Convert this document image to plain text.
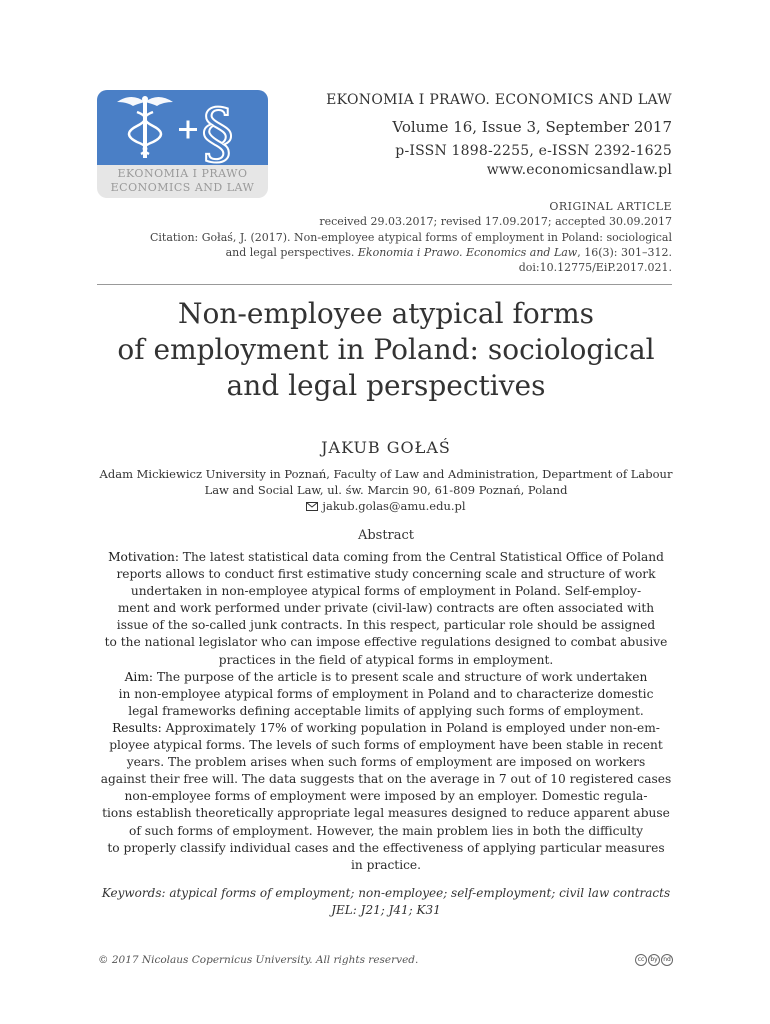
§
EKONOMIA I PRAWO
ECONOMICS AND LAW
EKONOMIA I PRAWO. ECONOMICS AND LAW
Volume 16, Issue 3, September 2017
p-ISSN 1898-2255, e-ISSN 2392-1625
www.economicsandlaw.pl
ORIGINAL ARTICLE
received 29.03.2017; revised 17.09.2017; accepted 30.09.2017
Citation: Gołaś, J. (2017). Non-employee atypical forms of employment in Poland: sociological
and legal perspectives. Ekonomia i Prawo. Economics and Law, 16(3): 301–312.
doi:10.12775/EiP.2017.021.
Non-employee atypical forms
of employment in Poland: sociological
and legal perspectives
JAKUB GOŁAŚ
Adam Mickiewicz University in Poznań, Faculty of Law and Administration, Department of Labour
Law and Social Law, ul. św. Marcin 90, 61-809 Poznań, Poland
jakub.golas@amu.edu.pl
Abstract

Motivation: The latest statistical data coming from the Central Statistical Office of Poland
reports allows to conduct first estimative study concerning scale and structure of work
undertaken in non-employee atypical forms of employment in Poland. Self-employ-
ment and work performed under private (civil-law) contracts are often associated with
issue of the so-called junk contracts. In this respect, particular role should be assigned
to the national legislator who can impose effective regulations designed to combat abusive
practices in the field of atypical forms in employment.

Aim: The purpose of the article is to present scale and structure of work undertaken
in non-employee atypical forms of employment in Poland and to characterize domestic
legal frameworks defining acceptable limits of applying such forms of employment.

Results: Approximately 17% of working population in Poland is employed under non-em-
ployee atypical forms. The levels of such forms of employment have been stable in recent
years. The problem arises when such forms of employment are imposed on workers
against their free will. The data suggests that on the average in 7 out of 10 registered cases
non-employee forms of employment were imposed by an employer. Domestic regula-
tions establish theoretically appropriate legal measures designed to reduce apparent abuse
of such forms of employment. However, the main problem lies in both the difficulty
to properly classify individual cases and the effectiveness of applying particular measures
in practice.

Keywords: atypical forms of employment; non-employee; self-employment; civil law contracts
JEL: J21; J41; K31
© 2017 Nicolaus Copernicus University. All rights reserved.	cc	by nd
